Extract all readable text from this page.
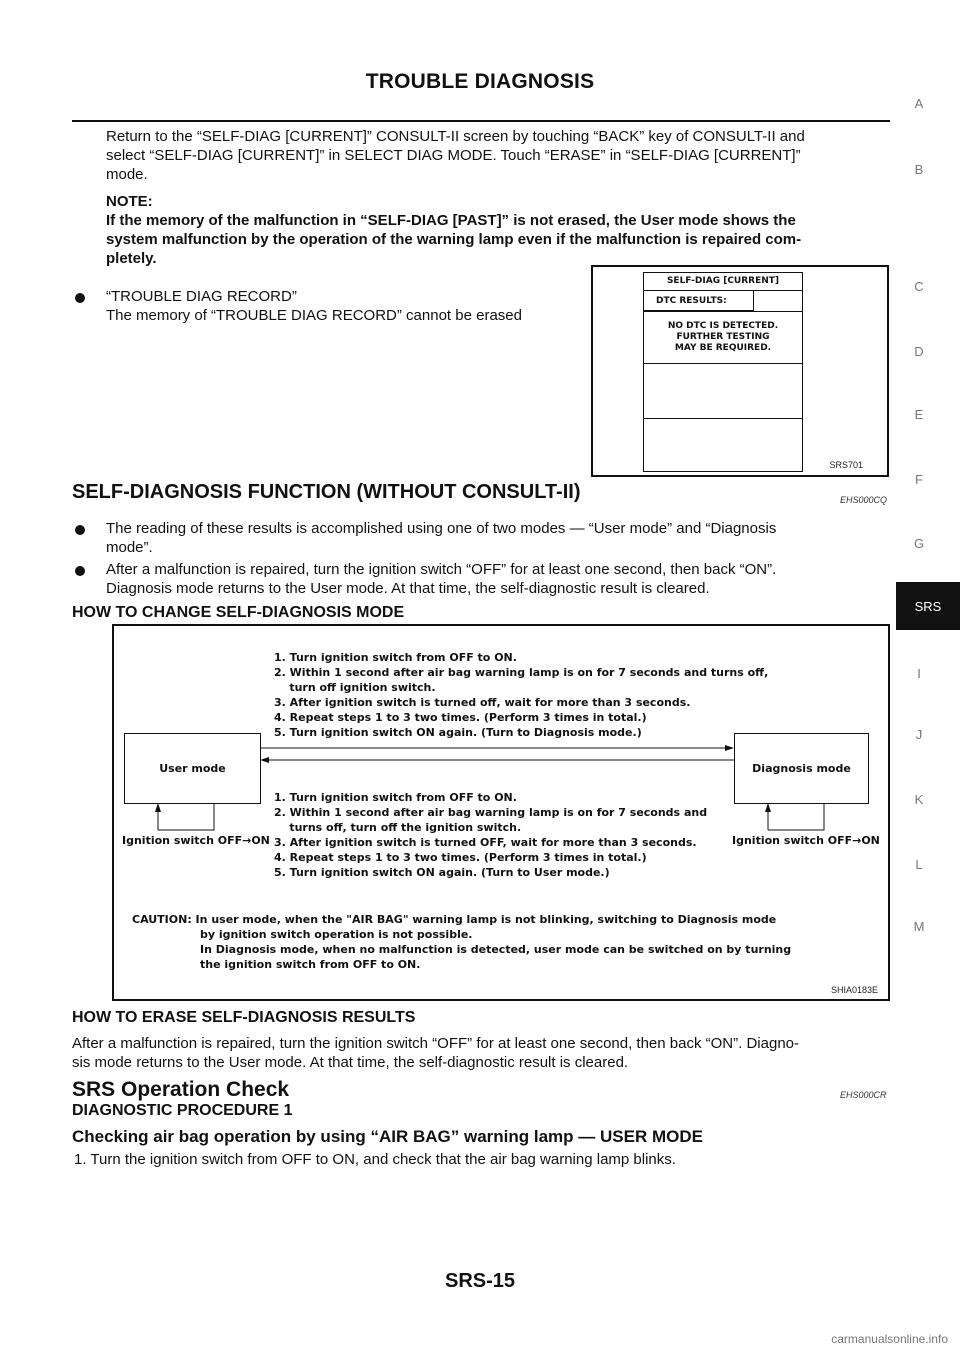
TROUBLE DIAGNOSIS
Return to the “SELF-DIAG [CURRENT]” CONSULT-II screen by touching “BACK” key of CONSULT-II and
select “SELF-DIAG [CURRENT]” in SELECT DIAG MODE. Touch “ERASE” in “SELF-DIAG [CURRENT]”
mode.
NOTE:
If the memory of the malfunction in “SELF-DIAG [PAST]” is not erased, the User mode shows the
system malfunction by the operation of the warning lamp even if the malfunction is repaired com-
pletely.
“TROUBLE DIAG RECORD”
The memory of “TROUBLE DIAG RECORD” cannot be erased
SELF-DIAG [CURRENT]
DTC RESULTS:
NO DTC IS DETECTED.
FURTHER TESTING
MAY BE REQUIRED.
SRS701
SELF-DIAGNOSIS FUNCTION (WITHOUT CONSULT-II)	EHS000CQ
The reading of these results is accomplished using one of two modes — “User mode” and “Diagnosis
mode”.
After a malfunction is repaired, turn the ignition switch “OFF” for at least one second, then back “ON”.
Diagnosis mode returns to the User mode. At that time, the self-diagnostic result is cleared.
HOW TO CHANGE SELF-DIAGNOSIS MODE
1. Turn ignition switch from OFF to ON.
2. Within 1 second after air bag warning lamp is on for 7 seconds and turns off,
turn off ignition switch.
3. After ignition switch is turned off, wait for more than 3 seconds.
4. Repeat steps 1 to 3 two times. (Perform 3 times in total.)
5. Turn ignition switch ON again. (Turn to Diagnosis mode.)
User mode	Diagnosis mode
1. Turn ignition switch from OFF to ON.
2. Within 1 second after air bag warning lamp is on for 7 seconds and
turns off, turn off the ignition switch.
3. After ignition switch is turned OFF, wait for more than 3 seconds.
4. Repeat steps 1 to 3 two times. (Perform 3 times in total.)
5. Turn ignition switch ON again. (Turn to User mode.)
Ignition switch OFF→ON	Ignition switch OFF→ON
CAUTION: In user mode, when the "AIR BAG" warning lamp is not blinking, switching to Diagnosis mode
by ignition switch operation is not possible.
In Diagnosis mode, when no malfunction is detected, user mode can be switched on by turning
the ignition switch from OFF to ON.
SHIA0183E
HOW TO ERASE SELF-DIAGNOSIS RESULTS
After a malfunction is repaired, turn the ignition switch “OFF” for at least one second, then back “ON”. Diagno-
sis mode returns to the User mode. At that time, the self-diagnostic result is cleared.
SRS Operation Check	EHS000CR
DIAGNOSTIC PROCEDURE 1
Checking air bag operation by using “AIR BAG” warning lamp — USER MODE
1. Turn the ignition switch from OFF to ON, and check that the air bag warning lamp blinks.
A
B
C
D
E
F
G
SRS
I
J
K
L
M
SRS-15
carmanualsonline.info
